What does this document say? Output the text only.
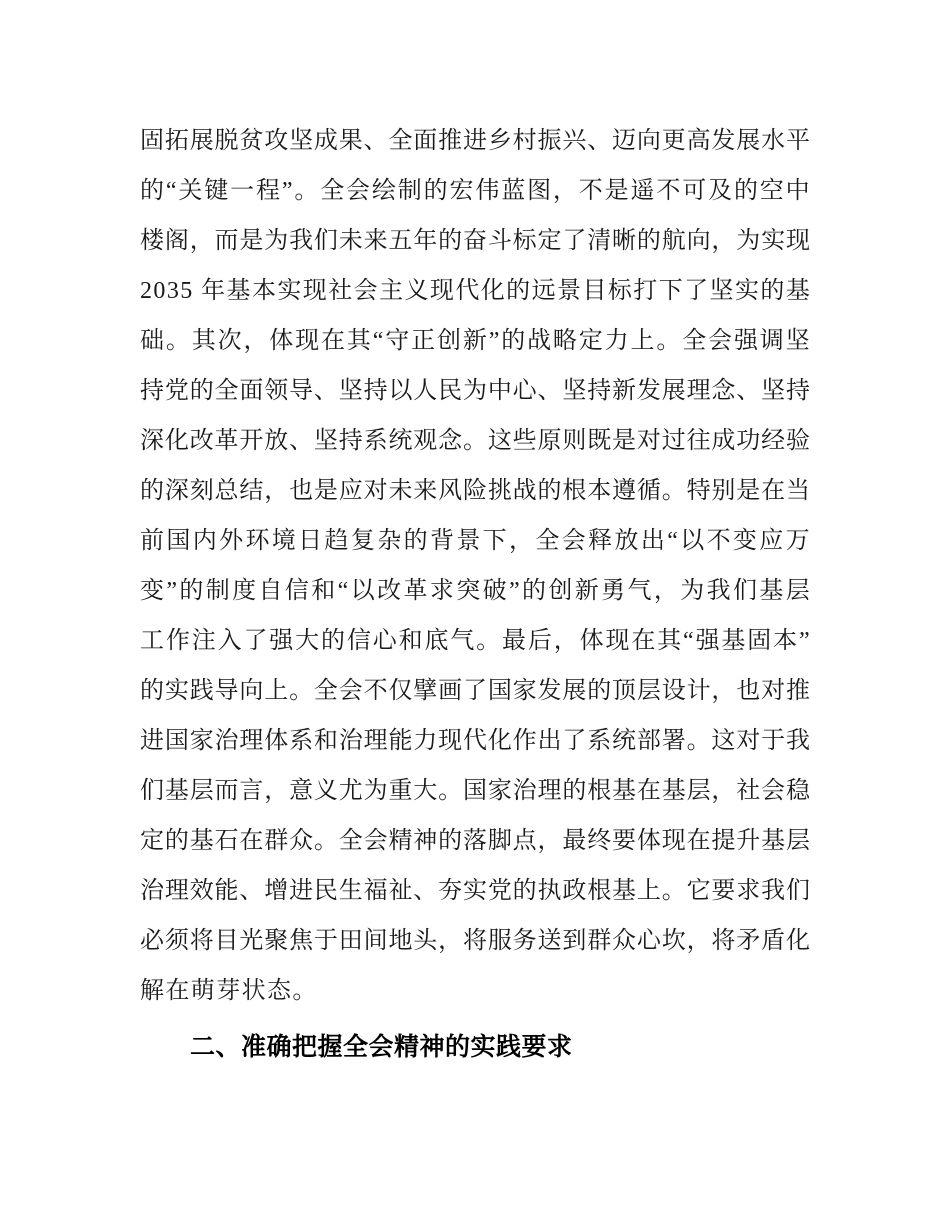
固 拓 展 脱 贫 攻 坚 成 果 、 全 面 推 进 乡 村 振 兴 、 迈 向 更 高 发 展 水 平
的 “ 关 键 一 程 ” 。 全 会 绘 制 的 宏 伟 蓝 图 ， 不 是 遥 不 可 及 的 空 中
楼 阁 ， 而 是 为 我 们 未 来 五 年 的 奋 斗 标 定 了 清 晰 的 航 向 ， 为 实 现
2 0 3 5
年 基 本 实 现 社 会 主 义 现 代 化 的 远 景 目 标 打 下 了 坚 实 的 基
础 。 其 次 ， 体 现 在 其 “ 守 正 创 新 ” 的 战 略 定 力 上 。 全 会 强 调 坚
持 党 的 全 面 领 导 、 坚 持 以 人 民 为 中 心 、 坚 持 新 发 展 理 念 、 坚 持
深 化 改 革 开 放 、 坚 持 系 统 观 念 。 这 些 原 则 既 是 对 过 往 成 功 经 验
的 深 刻 总 结 ， 也 是 应 对 未 来 风 险 挑 战 的 根 本 遵 循 。 特 别 是 在 当
前 国 内 外 环 境 日 趋 复 杂 的 背 景 下 ， 全 会 释 放 出 “ 以 不 变 应 万
变 ” 的 制 度 自 信 和 “ 以 改 革 求 突 破 ” 的 创 新 勇 气 ， 为 我 们 基 层
工 作 注 入 了 强 大 的 信 心 和 底 气 。 最 后 ， 体 现 在 其 “ 强 基 固 本 ”
的 实 践 导 向 上 。 全 会 不 仅 擘 画 了 国 家 发 展 的 顶 层 设 计 ， 也 对 推
进 国 家 治 理 体 系 和 治 理 能 力 现 代 化 作 出 了 系 统 部 署 。 这 对 于 我
们 基 层 而 言 ， 意 义 尤 为 重 大 。 国 家 治 理 的 根 基 在 基 层 ， 社 会 稳
定 的 基 石 在 群 众 。 全 会 精 神 的 落 脚 点 ， 最 终 要 体 现 在 提 升 基 层
治 理 效 能 、 增 进 民 生 福 祉 、 夯 实 党 的 执 政 根 基 上 。 它 要 求 我 们
必 须 将 目 光 聚 焦 于 田 间 地 头 ， 将 服 务 送 到 群 众 心 坎 ， 将 矛 盾 化
解在萌芽状态。
二、准确把握全会精神的实践要求
